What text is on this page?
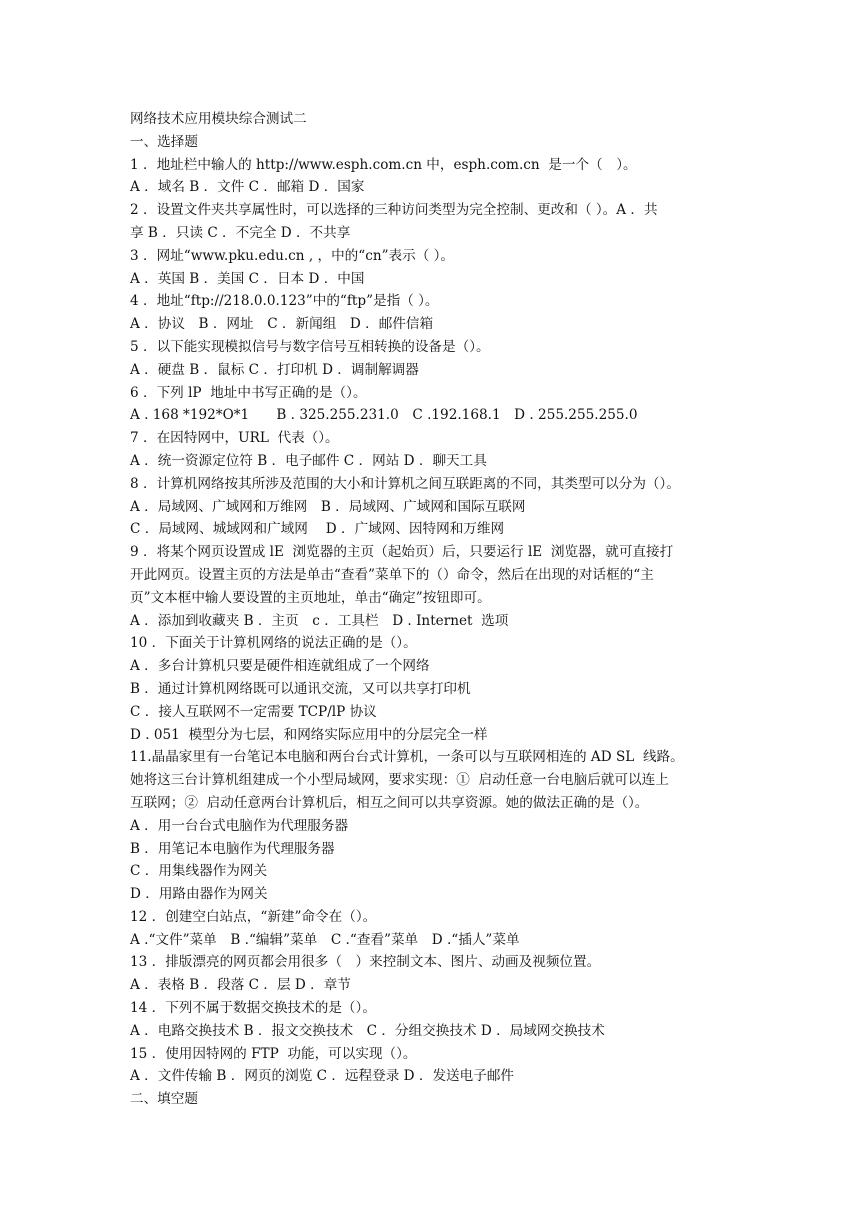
网络技术应用模块综合测试二
一、选择题
1 ．地址栏中输人的 http://www.esph.com.cn 中，esph.com.cn  是一个（　）。
A ．域名 B ．文件 C ．邮箱 D ．国家
2 ．设置文件夹共享属性时，可以选择的三种访问类型为完全控制、更改和（ ）。A ．共
享 B ．只读 C ．不完全 D ．不共享
3 ．网址“www.pku.edu.cn , ，中的“cn”表示（ ）。
A ．英国 B ．美国 C ．日本 D ．中国
4 ．地址“ftp://218.0.0.123”中的“ftp”是指（ ）。
A ．协议　B ．网址　C ．新闻组　D ．邮件信箱
5 ．以下能实现模拟信号与数字信号互相转换的设备是（）。
A ．硬盘 B ．鼠标 C ．打印机 D ．调制解调器
6 ．下列 lP  地址中书写正确的是（）。
A . 168 *192*O*1　　B . 325.255.231.0　C .192.168.1　D . 255.255.255.0
7 ．在因特网中，URL  代表（）。
A ．统一资源定位符 B ．电子邮件 C ．网站 D ．聊天工具
8 ．计算机网络按其所涉及范围的大小和计算机之间互联距离的不同，其类型可以分为（）。
A ．局域网、广域网和万维网　B ．局域网、广域网和国际互联网
C ．局域网、城域网和广域网　 D ．广域网、因特网和万维网
9 ．将某个网页设置成 lE  浏览器的主页（起始页）后，只要运行 lE  浏览器，就可直接打
开此网页。设置主页的方法是单击“查看”菜单下的（）命令，然后在出现的对话框的“主
页”文本框中输人要设置的主页地址，单击“确定”按钮即可。
A ．添加到收藏夹 B ．主页　c ．工具栏　D . Internet  选项
10 ．下面关于计算机网络的说法正确的是（）。
A ．多台计算机只要是硬件相连就组成了一个网络
B ．通过计算机网络既可以通讯交流，又可以共享打印机
C ．接人互联网不一定需要 TCP/lP 协议
D . 051  模型分为七层，和网络实际应用中的分层完全一样
11.晶晶家里有一台笔记本电脑和两台台式计算机，一条可以与互联网相连的 AD SL  线路。
她将这三台计算机组建成一个小型局域网，要求实现：①  启动任意一台电脑后就可以连上
互联网；②  启动任意两台计算机后，相互之间可以共享资源。她的做法正确的是（）。
A ．用一台台式电脑作为代理服务器
B ．用笔记本电脑作为代理服务器
C ．用集线器作为网关
D ．用路由器作为网关
12 ．创建空白站点，“新建”命令在（）。
A .“文件”菜单　B .“编辑”菜单　C .“查看”菜单　D .“插人”菜单
13 ．排版漂亮的网页都会用很多（　）来控制文本、图片、动画及视频位置。
A ．表格 B ．段落 C ．层 D ．章节
14 ．下列不属于数据交换技术的是（）。
A ．电路交换技术 B ．报文交换技术　C ．分组交换技术 D ．局域网交换技术
15 ．使用因特网的 FTP  功能，可以实现（）。
A ．文件传输 B ．网页的浏览 C ．远程登录 D ．发送电子邮件
二、填空题
